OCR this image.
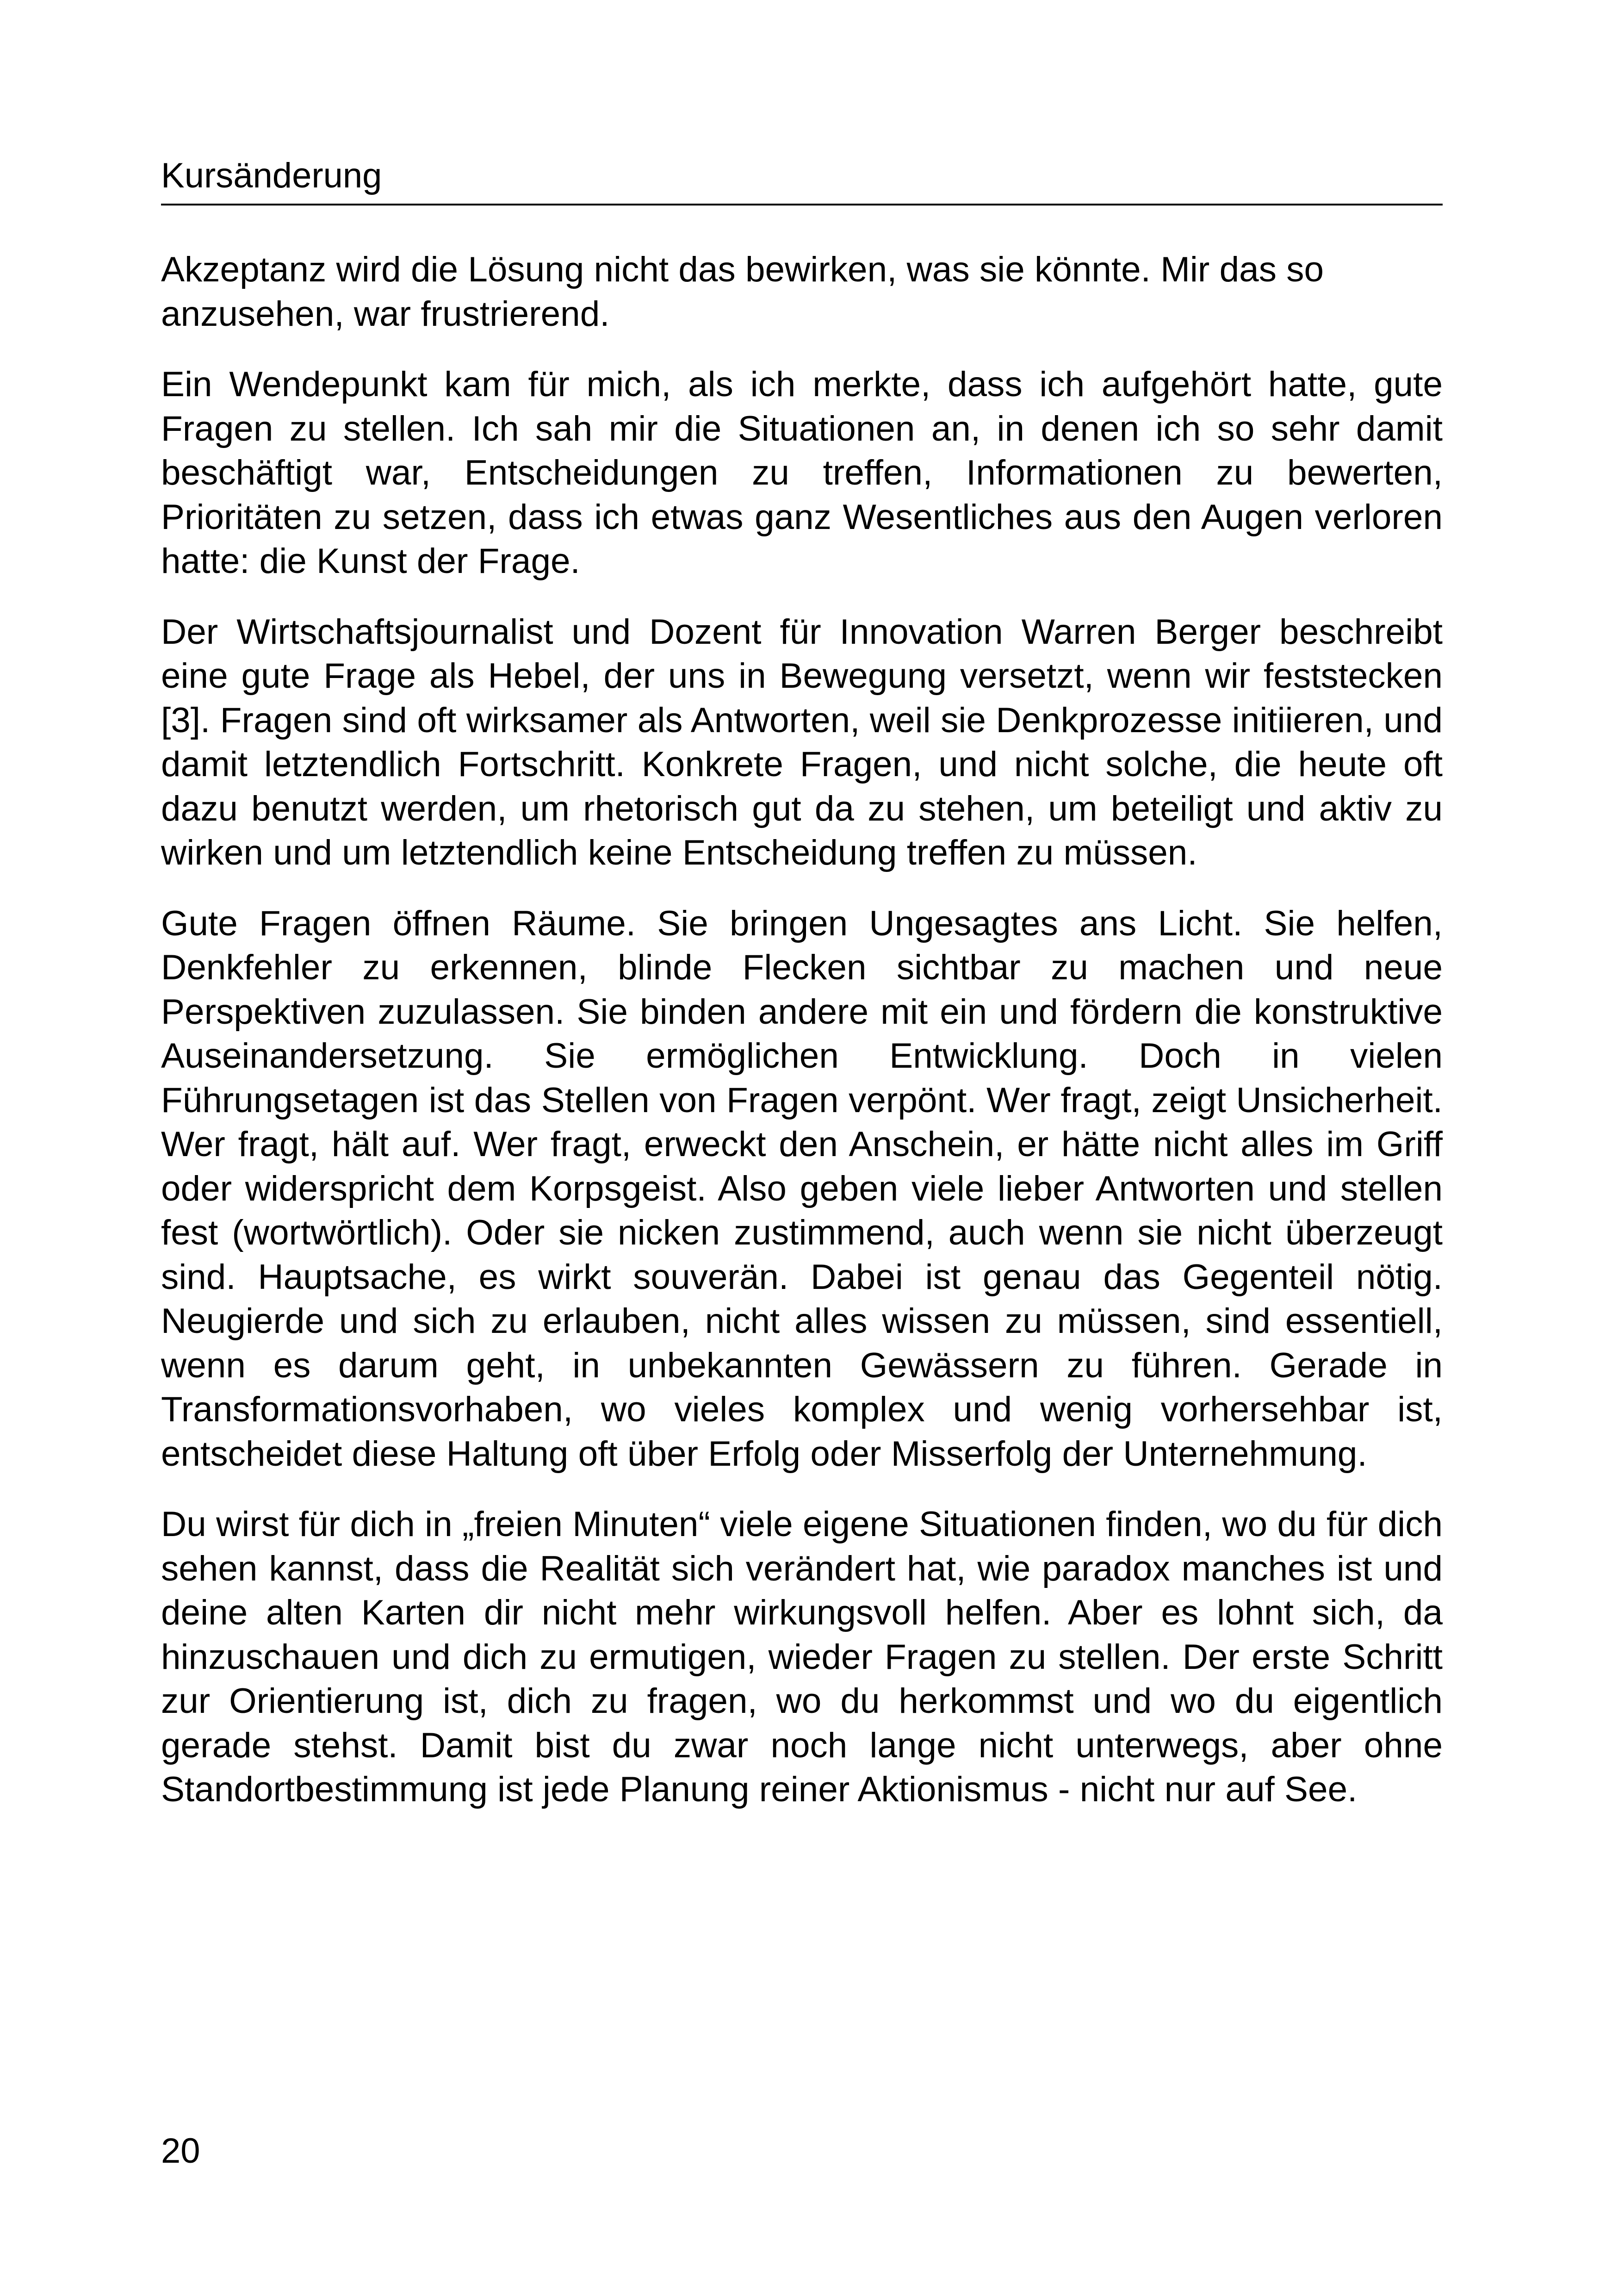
Kursänderung

Akzeptanz wird die Lösung nicht das bewirken, was sie könnte. Mir das so anzusehen, war frustrierend.

Ein Wendepunkt kam für mich, als ich merkte, dass ich aufgehört hatte, gute Fragen zu stellen. Ich sah mir die Situationen an, in denen ich so sehr damit beschäftigt war, Entscheidungen zu treffen, Informationen zu bewerten, Prioritäten zu setzen, dass ich etwas ganz Wesentliches aus den Augen verloren hatte: die Kunst der Frage.

Der Wirtschaftsjournalist und Dozent für Innovation Warren Berger beschreibt eine gute Frage als Hebel, der uns in Bewegung versetzt, wenn wir feststecken [3]. Fragen sind oft wirksamer als Antworten, weil sie Denkprozesse initiieren, und damit letztendlich Fortschritt. Konkrete Fragen, und nicht solche, die heute oft dazu benutzt werden, um rhetorisch gut da zu stehen, um beteiligt und aktiv zu wirken und um letztendlich keine Entscheidung treffen zu müssen.

Gute Fragen öffnen Räume. Sie bringen Ungesagtes ans Licht. Sie helfen, Denkfehler zu erkennen, blinde Flecken sichtbar zu machen und neue Perspektiven zuzulassen. Sie binden andere mit ein und fördern die konstruktive Auseinandersetzung. Sie ermöglichen Entwicklung. Doch in vielen Führungsetagen ist das Stellen von Fragen verpönt. Wer fragt, zeigt Unsicherheit. Wer fragt, hält auf. Wer fragt, erweckt den Anschein, er hätte nicht alles im Griff oder widerspricht dem Korpsgeist. Also geben viele lieber Antworten und stellen fest (wortwörtlich). Oder sie nicken zustimmend, auch wenn sie nicht überzeugt sind. Hauptsache, es wirkt souverän. Dabei ist genau das Gegenteil nötig. Neugierde und sich zu erlauben, nicht alles wissen zu müssen, sind essentiell, wenn es darum geht, in unbekannten Gewässern zu führen. Gerade in Transformationsvorhaben, wo vieles komplex und wenig vorhersehbar ist, entscheidet diese Haltung oft über Erfolg oder Misserfolg der Unternehmung.

Du wirst für dich in „freien Minuten“ viele eigene Situationen finden, wo du für dich sehen kannst, dass die Realität sich verändert hat, wie paradox manches ist und deine alten Karten dir nicht mehr wirkungsvoll helfen. Aber es lohnt sich, da hinzuschauen und dich zu ermutigen, wieder Fragen zu stellen. Der erste Schritt zur Orientierung ist, dich zu fragen, wo du herkommst und wo du eigentlich gerade stehst. Damit bist du zwar noch lange nicht unterwegs, aber ohne Standortbestimmung ist jede Planung reiner Aktionismus - nicht nur auf See.

20
